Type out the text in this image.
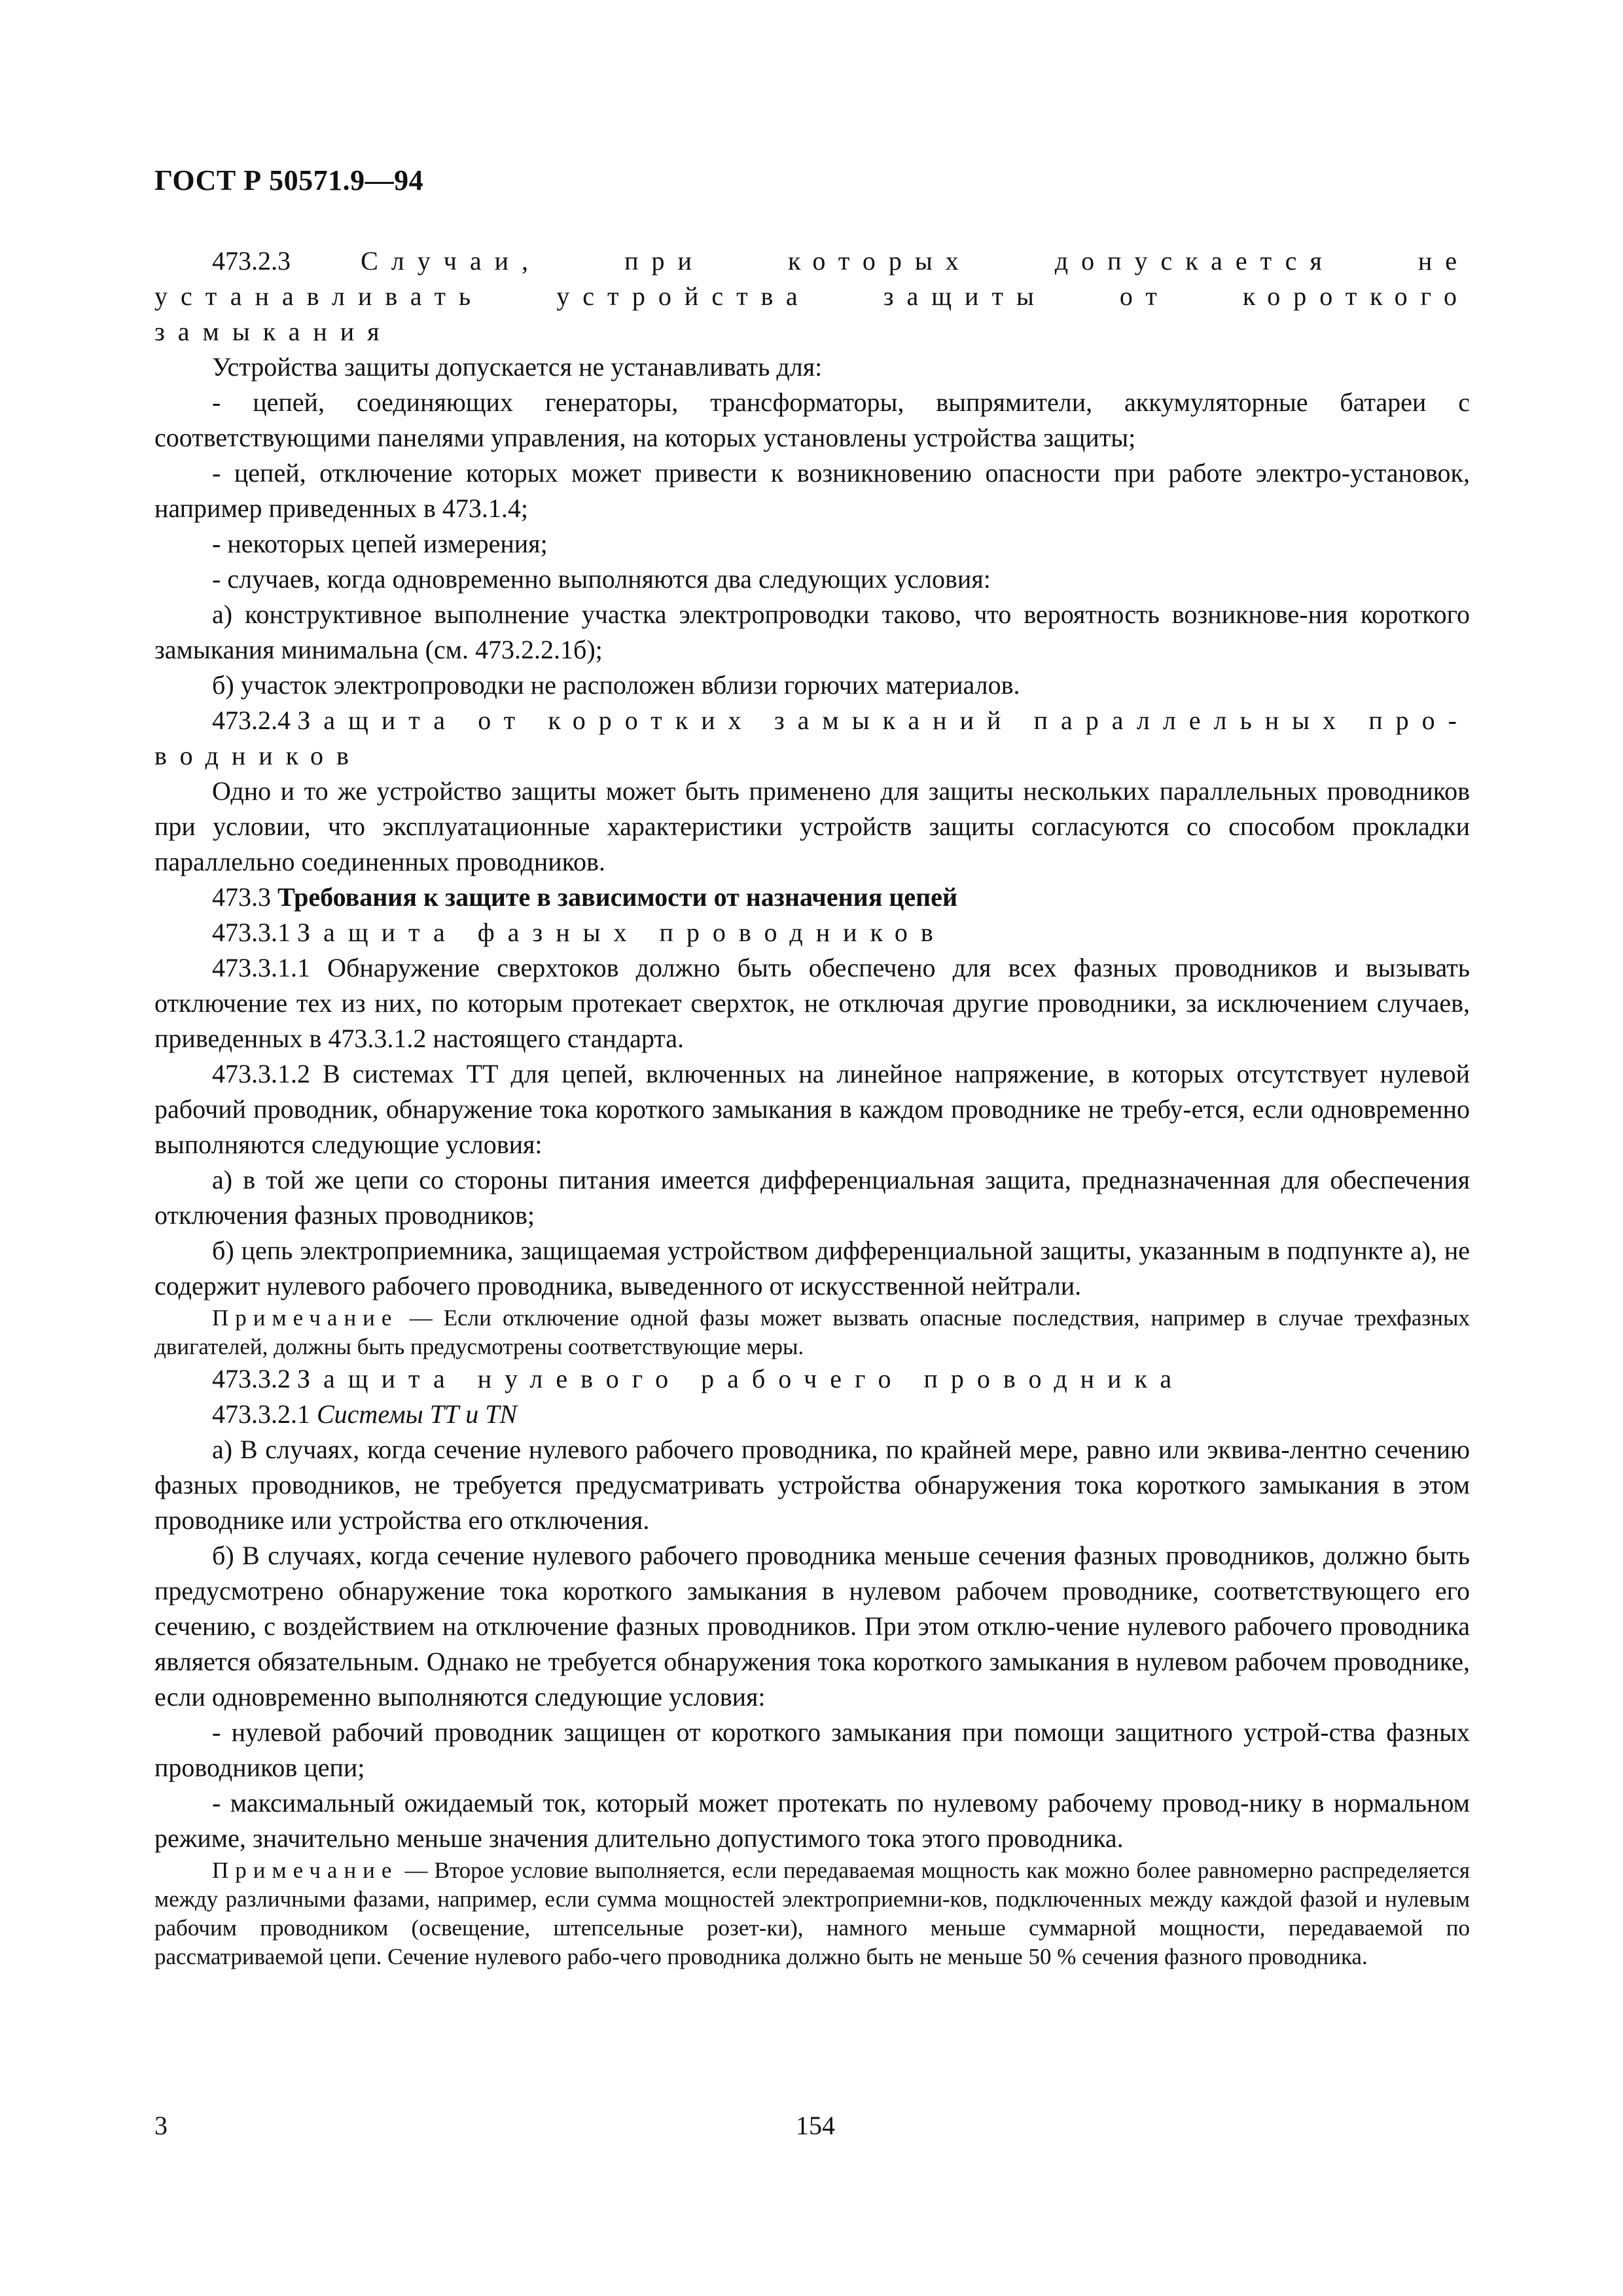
ГОСТ Р 50571.9—94

473.2.3	Случаи, при которых допускается не устанавливать устройства защиты от короткого замыкания

Устройства защиты допускается не устанавливать для:

- цепей, соединяющих генераторы, трансформаторы, выпрямители, аккумуляторные батареи с соответствующими панелями управления, на которых установлены устройства защиты;

- цепей, отключение которых может привести к возникновению опасности при работе электро-установок, например приведенных в 473.1.4;

- некоторых цепей измерения;

- случаев, когда одновременно выполняются два следующих условия:

а) конструктивное выполнение участка электропроводки таково, что вероятность возникнове-ния короткого замыкания минимальна (см. 473.2.2.1б);

б) участок электропроводки не расположен вблизи горючих материалов.

473.2.4 Защита от коротких замыканий параллельных про-водников

Одно и то же устройство защиты может быть применено для защиты нескольких параллельных проводников при условии, что эксплуатационные характеристики устройств защиты согласуются со способом прокладки параллельно соединенных проводников.

473.3 Требования к защите в зависимости от назначения цепей

473.3.1 Защита фазных проводников

473.3.1.1 Обнаружение сверхтоков должно быть обеспечено для всех фазных проводников и вызывать отключение тех из них, по которым протекает сверхток, не отключая другие проводники, за исключением случаев, приведенных в 473.3.1.2 настоящего стандарта.

473.3.1.2 В системах ТТ для цепей, включенных на линейное напряжение, в которых отсутствует нулевой рабочий проводник, обнаружение тока короткого замыкания в каждом проводнике не требу-ется, если одновременно выполняются следующие условия:

а) в той же цепи со стороны питания имеется дифференциальная защита, предназначенная для обеспечения отключения фазных проводников;

б) цепь электроприемника, защищаемая устройством дифференциальной защиты, указанным в подпункте а), не содержит нулевого рабочего проводника, выведенного от искусственной нейтрали.

Примечание — Если отключение одной фазы может вызвать опасные последствия, например в случае трехфазных двигателей, должны быть предусмотрены соответствующие меры.

473.3.2 Защита нулевого рабочего проводника

473.3.2.1 Системы ТТ и TN

а) В случаях, когда сечение нулевого рабочего проводника, по крайней мере, равно или эквива-лентно сечению фазных проводников, не требуется предусматривать устройства обнаружения тока короткого замыкания в этом проводнике или устройства его отключения.

б) В случаях, когда сечение нулевого рабочего проводника меньше сечения фазных проводников, должно быть предусмотрено обнаружение тока короткого замыкания в нулевом рабочем проводнике, соответствующего его сечению, с воздействием на отключение фазных проводников. При этом отклю-чение нулевого рабочего проводника является обязательным. Однако не требуется обнаружения тока короткого замыкания в нулевом рабочем проводнике, если одновременно выполняются следующие условия:

- нулевой рабочий проводник защищен от короткого замыкания при помощи защитного устрой-ства фазных проводников цепи;

- максимальный ожидаемый ток, который может протекать по нулевому рабочему провод-нику в нормальном режиме, значительно меньше значения длительно допустимого тока этого проводника.

Примечание — Второе условие выполняется, если передаваемая мощность как можно более равномерно распределяется между различными фазами, например, если сумма мощностей электроприемни-ков, подключенных между каждой фазой и нулевым рабочим проводником (освещение, штепсельные розет-ки), намного меньше суммарной мощности, передаваемой по рассматриваемой цепи. Сечение нулевого рабо-чего проводника должно быть не меньше 50 % сечения фазного проводника.

3	154
